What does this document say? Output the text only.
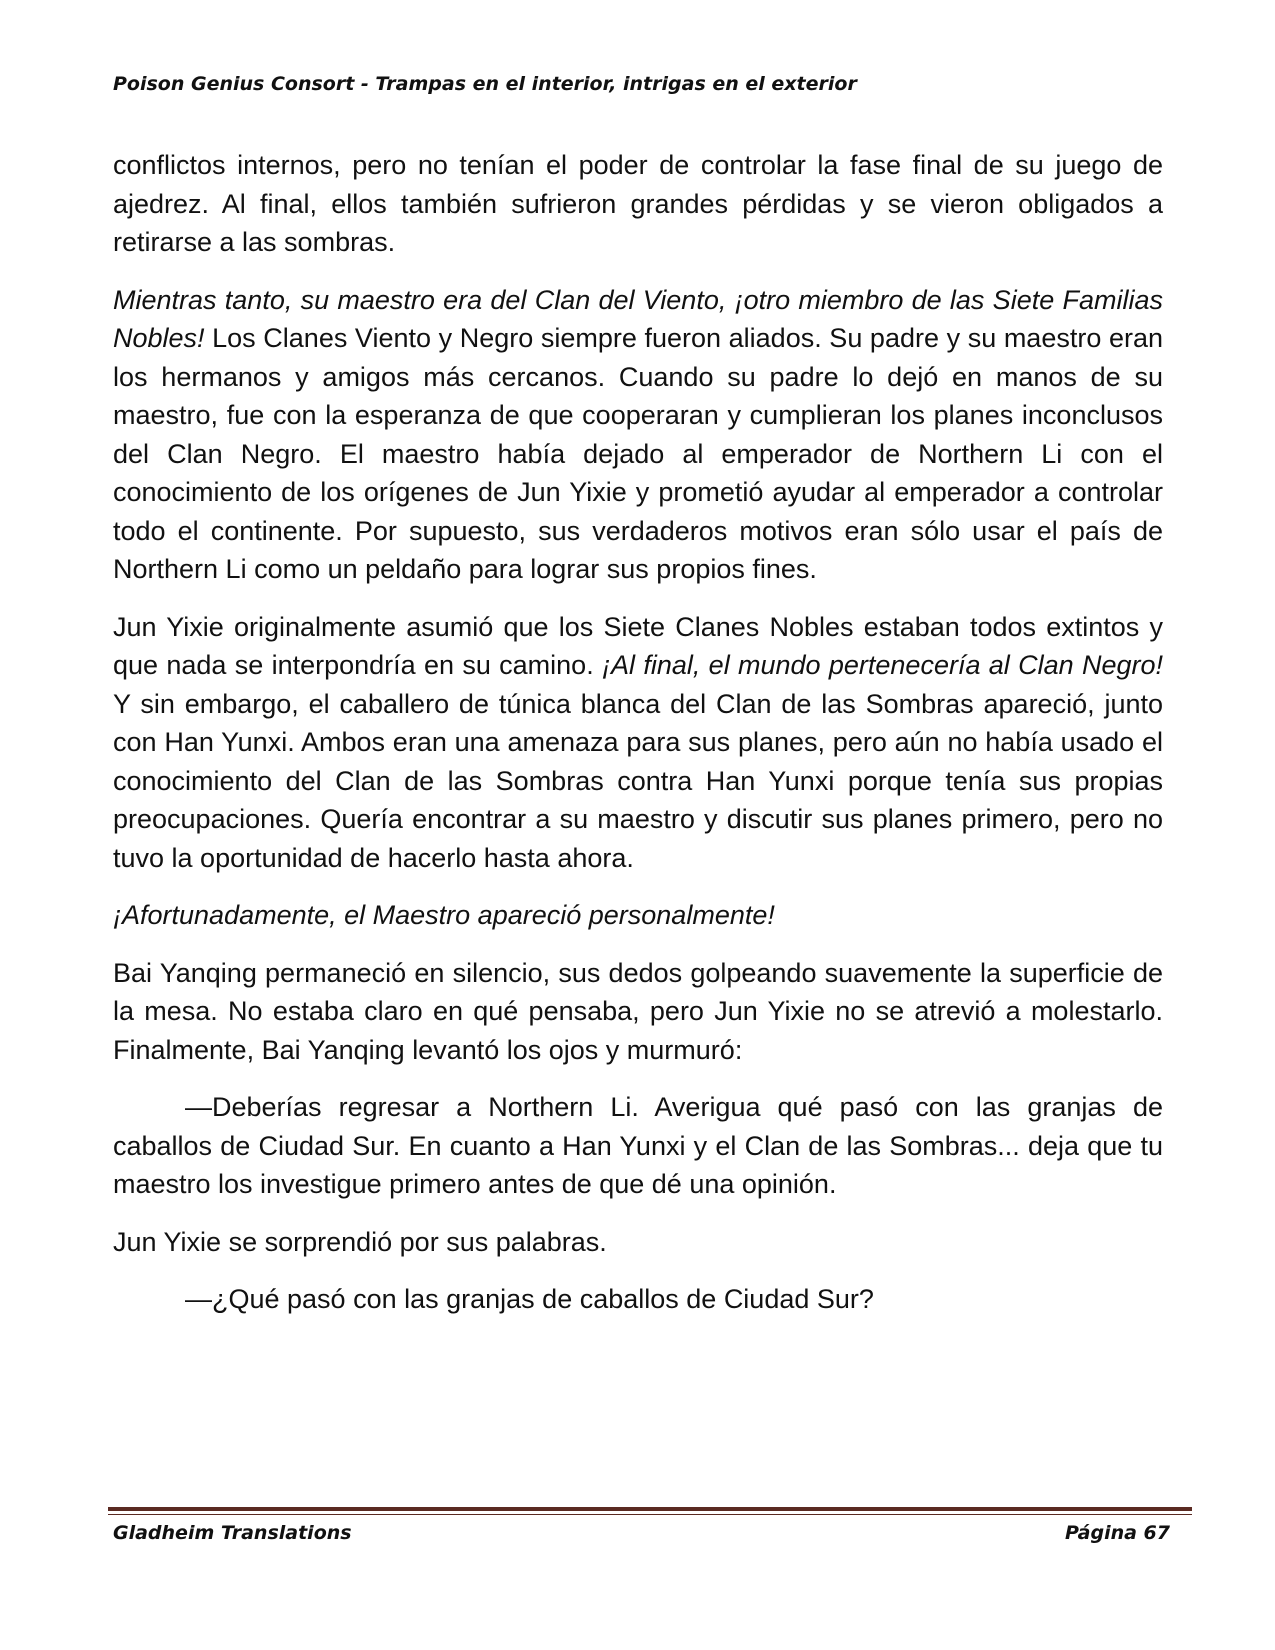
Poison Genius Consort - Trampas en el interior, intrigas en el exterior

conflictos internos, pero no tenían el poder de controlar la fase final de su juego de ajedrez. Al final, ellos también sufrieron grandes pérdidas y se vieron obligados a retirarse a las sombras.

Mientras tanto, su maestro era del Clan del Viento, ¡otro miembro de las Siete Familias Nobles! Los Clanes Viento y Negro siempre fueron aliados. Su padre y su maestro eran los hermanos y amigos más cercanos. Cuando su padre lo dejó en manos de su maestro, fue con la esperanza de que cooperaran y cumplieran los planes inconclusos del Clan Negro. El maestro había dejado al emperador de Northern Li con el conocimiento de los orígenes de Jun Yixie y prometió ayudar al emperador a controlar todo el continente. Por supuesto, sus verdaderos motivos eran sólo usar el país de Northern Li como un peldaño para lograr sus propios fines.

Jun Yixie originalmente asumió que los Siete Clanes Nobles estaban todos extintos y que nada se interpondría en su camino. ¡Al final, el mundo pertenecería al Clan Negro! Y sin embargo, el caballero de túnica blanca del Clan de las Sombras apareció, junto con Han Yunxi. Ambos eran una amenaza para sus planes, pero aún no había usado el conocimiento del Clan de las Sombras contra Han Yunxi porque tenía sus propias preocupaciones. Quería encontrar a su maestro y discutir sus planes primero, pero no tuvo la oportunidad de hacerlo hasta ahora.

¡Afortunadamente, el Maestro apareció personalmente!

Bai Yanqing permaneció en silencio, sus dedos golpeando suavemente la superficie de la mesa. No estaba claro en qué pensaba, pero Jun Yixie no se atrevió a molestarlo. Finalmente, Bai Yanqing levantó los ojos y murmuró:

—Deberías regresar a Northern Li. Averigua qué pasó con las granjas de caballos de Ciudad Sur. En cuanto a Han Yunxi y el Clan de las Sombras... deja que tu maestro los investigue primero antes de que dé una opinión.

Jun Yixie se sorprendió por sus palabras.

—¿Qué pasó con las granjas de caballos de Ciudad Sur?

Gladheim Translations	Página 67
